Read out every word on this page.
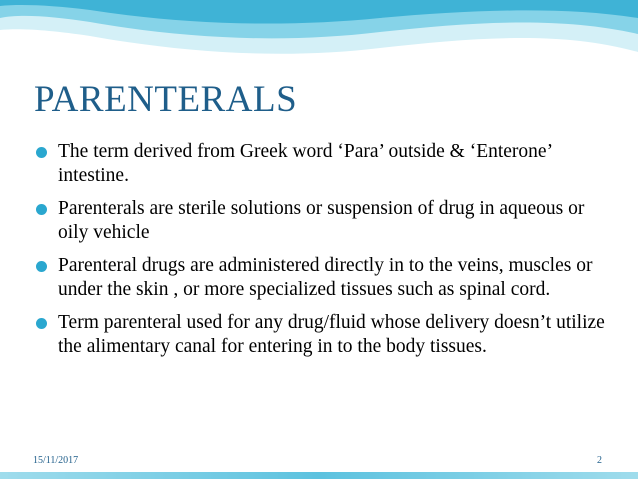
PARENTERALS
The term derived from Greek word ‘Para’ outside & ‘Enterone’ intestine.
Parenterals are sterile solutions or suspension of drug in aqueous or oily vehicle
Parenteral drugs are administered directly in to the veins, muscles or under the skin , or more specialized tissues such as spinal cord.
Term parenteral used for any drug/fluid whose delivery doesn’t utilize the alimentary canal for entering in to the body tissues.
15/11/2017	2
